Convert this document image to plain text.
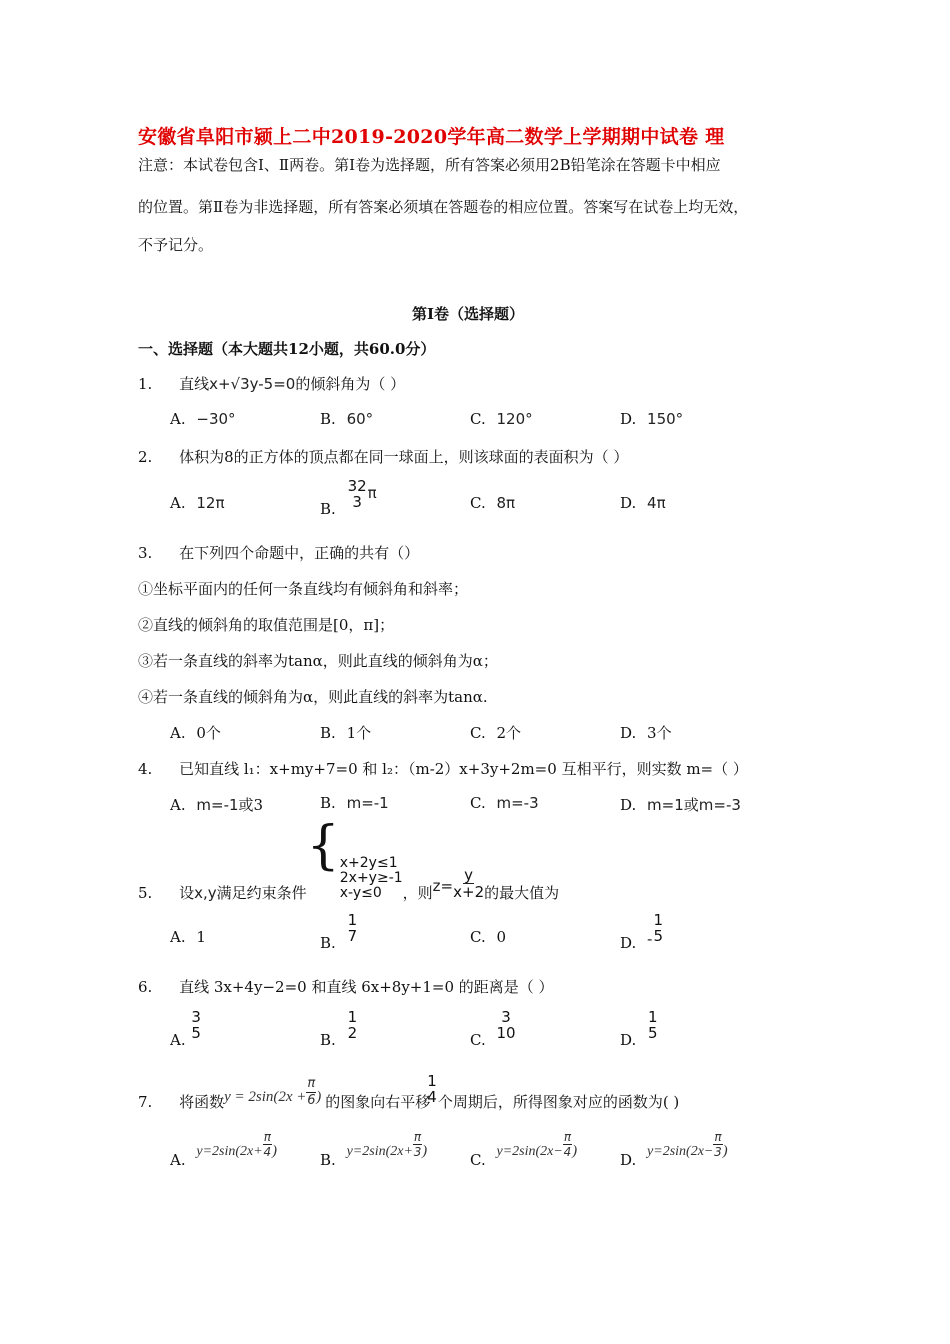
安徽省阜阳市颍上二中2019-2020学年高二数学上学期期中试卷 理
注意：本试卷包含Ⅰ、Ⅱ两卷。第Ⅰ卷为选择题，所有答案必须用2B铅笔涂在答题卡中相应
的位置。第Ⅱ卷为非选择题，所有答案必须填在答题卷的相应位置。答案写在试卷上均无效，
不予记分。
第Ⅰ卷（选择题）
一、选择题（本大题共12小题，共60.0分）
1. 直线x+√3y-5=0的倾斜角为（ ）
A. −30°	B. 60°	C. 120°	D. 150°
2. 体积为8的正方体的顶点都在同一球面上，则该球面的表面积为（ ）
A. 12π	B.
32
3 π
C. 8π	D. 4π
3. 在下列四个命题中，正确的共有（）
①坐标平面内的任何一条直线均有倾斜角和斜率；
②直线的倾斜角的取值范围是[0，π]；
③若一条直线的斜率为tanα，则此直线的倾斜角为α；
④若一条直线的倾斜角为α，则此直线的斜率为tanα.
A. 0个	B. 1个	C. 2个	D. 3个
4. 已知直线 l₁：x+my+7=0 和 l₂：（m-2）x+3y+2m=0 互相平行，则实数 m=（ ）
A. m=-1或3	B. m=-1	C. m=-3	D. m=1或m=-3
5. 设x,y满足约束条件{ x+2y≤1
2x+y≥-1
x-y≤0	，则$z= \frac{y}{x+2}$ 的最大值为
A. 1	B.
1
7	C. 0	D. -
1
5
6. 直线 3x+4y−2=0 和直线 6x+8y+1=0 的距离是（ ）
A.
3
5	B.
1
2	C.
3
10	D.
1
5
7. 将函数$y = 2\sin(2x + \frac{\pi}{6}$ ) 的图象向右平移
1
4 个周期后，所得图象对应的函数为( )
A. $y=2\sin(2x+ \frac{\pi}{4}$ )	B. $y=2\sin(2x+ \frac{\pi}{3}$ )	C. $y=2\sin(2x- \frac{\pi}{4}$ )	D. $y=2\sin(2x- \frac{\pi}{3}$ )
